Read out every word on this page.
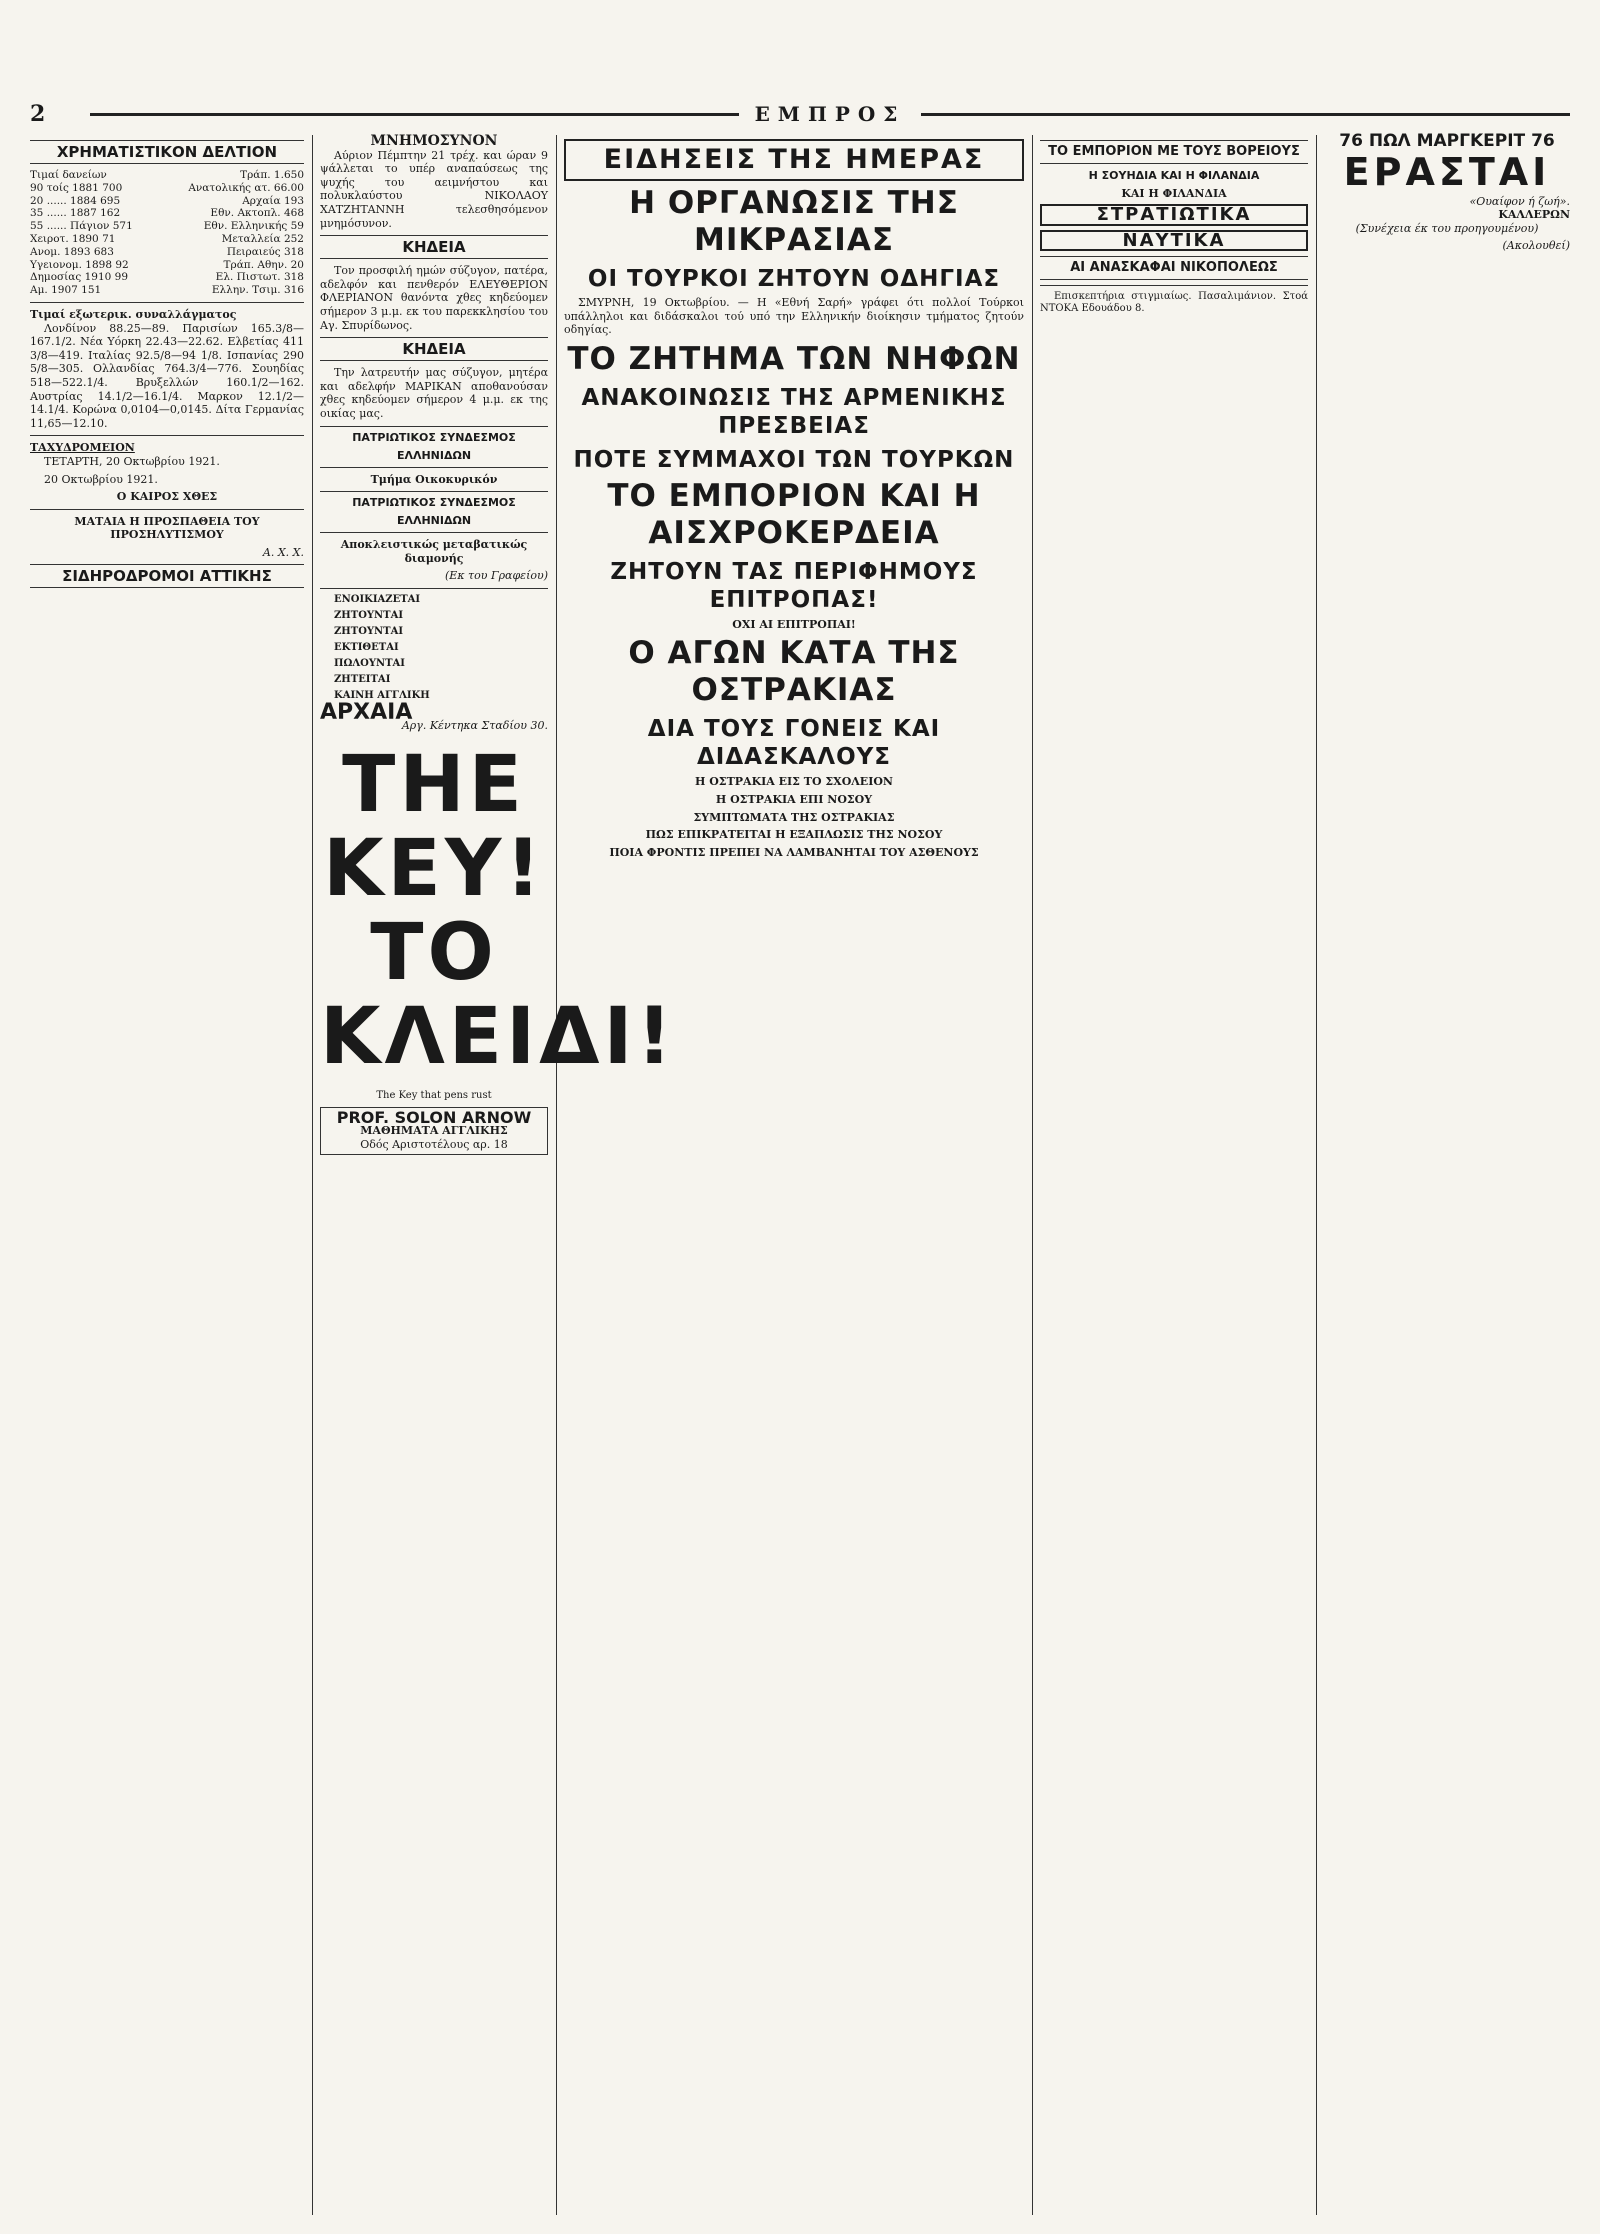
2	ΕΜΠΡΟΣ
ΧΡΗΜΑΤΙΣΤΙΚΟΝ ΔΕΛΤΙΟΝ
Τιμαί δανείων	Τράπ. 1.650
90 τοίς 1881 700	Ανατολικής ατ. 66.00
20 ...... 1884 695	Αρχαία 193
35 ...... 1887 162	Εθν. Ακτοπλ. 468
55 ...... Πάγιον 571	Εθν. Ελληνικής 59
Χειροτ. 1890 71	Μεταλλεία 252
Ανομ. 1893 683	Πειραιεύς 318
Υγειονομ. 1898 92	Τράπ. Αθην. 20
Δημοσίας 1910 99	Ελ. Πιστωτ. 318
Αμ. 1907 151	Ελλην. Τσιμ. 316

Τιμαί εξωτερικ. συναλλάγματος

Λονδίνον 88.25—89. Παρισίων 165.3/8—167.1/2. Νέα Υόρκη 22.43—22.62. Ελβετίας 411 3/8—419. Ιταλίας 92.5/8—94 1/8. Ισπανίας 290 5/8—305. Ολλανδίας 764.3/4—776. Σουηδίας 518—522.1/4. Βρυξελλών 160.1/2—162. Αυστρίας 14.1/2—16.1/4. Μαρκον 12.1/2—14.1/4. Κορώνα 0,0104—0,0145. Δίτα Γερμανίας 11,65—12.10.

ΤΑΧΥΔΡΟΜΕΙΟΝ

ΤΕΤΑΡΤΗ, 20 Οκτωβρίου 1921.

20 Οκτωβρίου 1921.

Ο ΚΑΙΡΟΣ ΧΘΕΣ

ΜΑΤΑΙΑ Η ΠΡΟΣΠΑΘΕΙΑ ΤΟΥ ΠΡΟΣΗΛΥΤΙΣΜΟΥ

Α. Χ. Χ.
ΣΙΔΗΡΟΔΡΟΜΟΙ ΑΤΤΙΚΗΣ

ΜΝΗΜΟΣΥΝΟΝ

Αύριον Πέμπτην 21 τρέχ. και ώραν 9 ψάλλεται το υπέρ αναπαύσεως της ψυχής του αειμνήστου και πολυκλαύστου ΝΙΚΟΛΑΟΥ ΧΑΤΖΗΤΑΝΝΗ τελεσθησόμενον μνημόσυνον.

ΚΗΔΕΙΑ

Τον προσφιλή ημών σύζυγον, πατέρα, αδελφόν και πενθερόν ΕΛΕΥΘΕΡΙΟΝ ΦΛΕΡΙΑΝΟΝ θανόντα χθες κηδεύομεν σήμερον 3 μ.μ. εκ του παρεκκλησίου του Αγ. Σπυρίδωνος.

ΚΗΔΕΙΑ

Την λατρευτήν μας σύζυγον, μητέρα και αδελφήν ΜΑΡΙΚΑΝ αποθανούσαν χθες κηδεύομεν σήμερον 4 μ.μ. εκ της οικίας μας.

ΠΑΤΡΙΩΤΙΚΟΣ ΣΥΝΔΕΣΜΟΣ ΕΛΛΗΝΙΔΩΝ
Τμήμα Οικοκυρικόν

ΠΑΤΡΙΩΤΙΚΟΣ ΣΥΝΔΕΣΜΟΣ ΕΛΛΗΝΙΔΩΝ
Αποκλειστικώς μεταβατικώς διαμονής

(Εκ του Γραφείου)

ΕΝΟΙΚΙΑΖΕΤΑΙ

ΖΗΤΟΥΝΤΑΙ

ΖΗΤΟΥΝΤΑΙ

ΕΚΤΙΘΕΤΑΙ

ΠΩΛΟΥΝΤΑΙ

ΖΗΤΕΙΤΑΙ

ΚΑΙΝΗ ΑΓΓΛΙΚΗ

ΑΡΧΑΙΑ
Αργ. Κέντηκα Σταδίου 30.
ΤΗΕ ΚΕΥ!
ΤΟ ΚΛΕΙΔΙ!
The Key that pens rust

PROF. SOLON ARNOW
ΜΑΘΗΜΑΤΑ ΑΓΓΛΙΚΗΣ
Οδός Αριστοτέλους αρ. 18
ΕΙΔΗΣΕΙΣ ΤΗΣ ΗΜΕΡΑΣ
Η ΟΡΓΑΝΩΣΙΣ ΤΗΣ ΜΙΚΡΑΣΙΑΣ
ΟΙ ΤΟΥΡΚΟΙ ΖΗΤΟΥΝ ΟΔΗΓΙΑΣ

ΣΜΥΡΝΗ, 19 Οκτωβρίου. — Η «Εθνή Σαρή» γράφει ότι πολλοί Τούρκοι υπάλληλοι και διδάσκαλοι τού υπό την Ελληνικήν διοίκησιν τμήματος ζητούν οδηγίας.

ΤΟ ΖΗΤΗΜΑ ΤΩΝ ΝΗΦΩΝ

ΑΝΑΚΟΙΝΩΣΙΣ ΤΗΣ ΑΡΜΕΝΙΚΗΣ ΠΡΕΣΒΕΙΑΣ
ΠΟΤΕ ΣΥΜΜΑΧΟΙ ΤΩΝ ΤΟΥΡΚΩΝ

ΤΟ ΕΜΠΟΡΙΟΝ ΚΑΙ Η ΑΙΣΧΡΟΚΕΡΔΕΙΑ
ΖΗΤΟΥΝ ΤΑΣ ΠΕΡΙΦΗΜΟΥΣ ΕΠΙΤΡΟΠΑΣ!

ΟΧΙ ΑΙ ΕΠΙΤΡΟΠΑΙ!

Ο ΑΓΩΝ ΚΑΤΑ ΤΗΣ ΟΣΤΡΑΚΙΑΣ
ΔΙΑ ΤΟΥΣ ΓΟΝΕΙΣ ΚΑΙ ΔΙΔΑΣΚΑΛΟΥΣ

Η ΟΣΤΡΑΚΙΑ ΕΙΣ ΤΟ ΣΧΟΛΕΙΟΝ

Η ΟΣΤΡΑΚΙΑ ΕΠΙ ΝΟΣΟΥ

ΣΥΜΠΤΩΜΑΤΑ ΤΗΣ ΟΣΤΡΑΚΙΑΣ

ΠΩΣ ΕΠΙΚΡΑΤΕΙΤΑΙ Η ΕΞΑΠΛΩΣΙΣ ΤΗΣ ΝΟΣΟΥ

ΠΟΙΑ ΦΡΟΝΤΙΣ ΠΡΕΠΕΙ ΝΑ ΛΑΜΒΑΝΗΤΑΙ ΤΟΥ ΑΣΘΕΝΟΥΣ

ΤΟ ΕΜΠΟΡΙΟΝ ΜΕ ΤΟΥΣ ΒΟΡΕΙΟΥΣ
Η ΣΟΥΗΔΙΑ ΚΑΙ Η ΦΙΛΑΝΔΙΑ

ΚΑΙ Η ΦΙΛΑΝΔΙΑ

ΣΤΡΑΤΙΩΤΙΚΑ

ΝΑΥΤΙΚΑ

ΑΙ ΑΝΑΣΚΑΦΑΙ ΝΙΚΟΠΟΛΕΩΣ

Επισκεπτήρια στιγμιαίως. Πασαλιμάνιον. Στοά ΝΤΟΚΑ Εδουάδου 8.

76 ΠΩΛ ΜΑΡΓΚΕΡΙΤ 76
ΕΡΑΣΤΑΙ
«Ουαίφον ή ζωή».
ΚΑΛΛΕΡΩΝ
(Συνέχεια έκ του προηγουμένου)

(Ακολουθεί)
